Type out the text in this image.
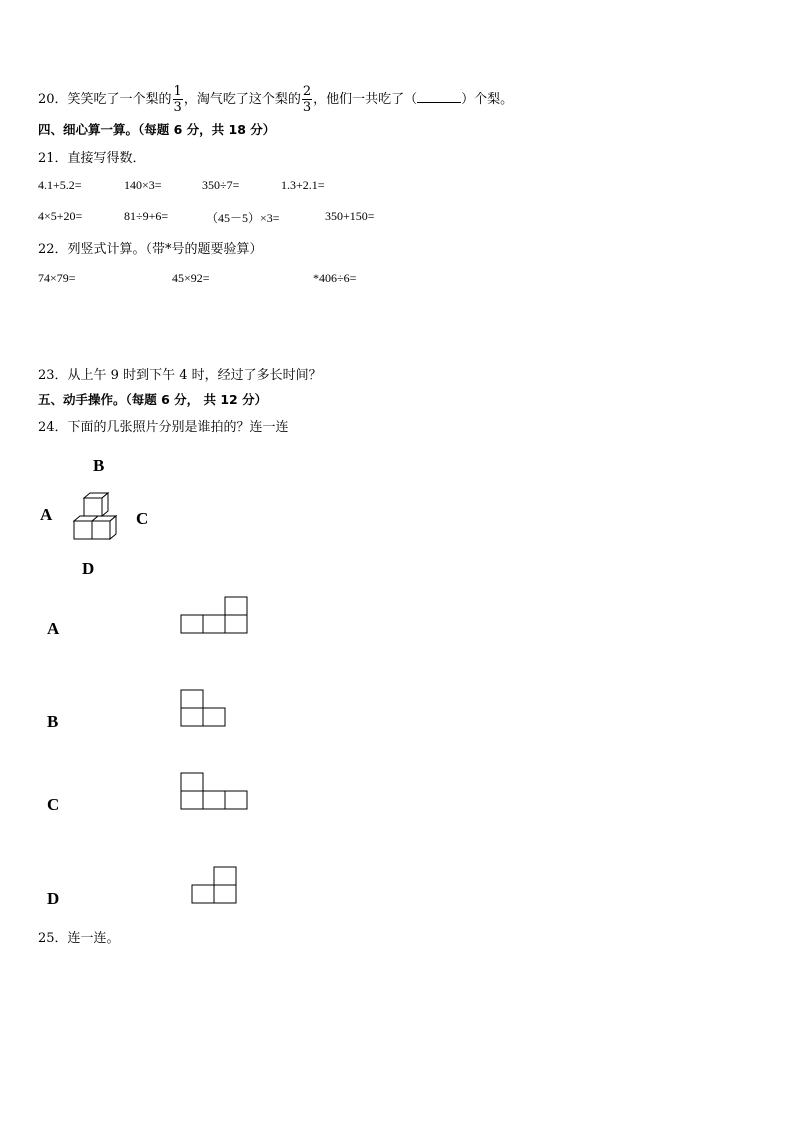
20．笑笑吃了一个梨的 $\frac{1}{3}$ ，淘气吃了这个梨的 $\frac{2}{3}$ ，他们一共吃了（	）个梨。
四、细心算一算。（每题 6 分，共 18 分）
21．直接写得数．
4.1+5.2=	140×3=	350÷7=	1.3+2.1=
4×5+20=	81÷9+6=	（45－5）×3=	350+150=
22．列竖式计算。（带*号的题要验算）
74×79=	45×92=	*406÷6=
23．从上午 9 时到下午 4 时，经过了多长时间？
五、动手操作。（每题 6 分， 共 12 分）
24．下面的几张照片分别是谁拍的？连一连
B
A	C
D
A
B
C
D
25．连一连。
